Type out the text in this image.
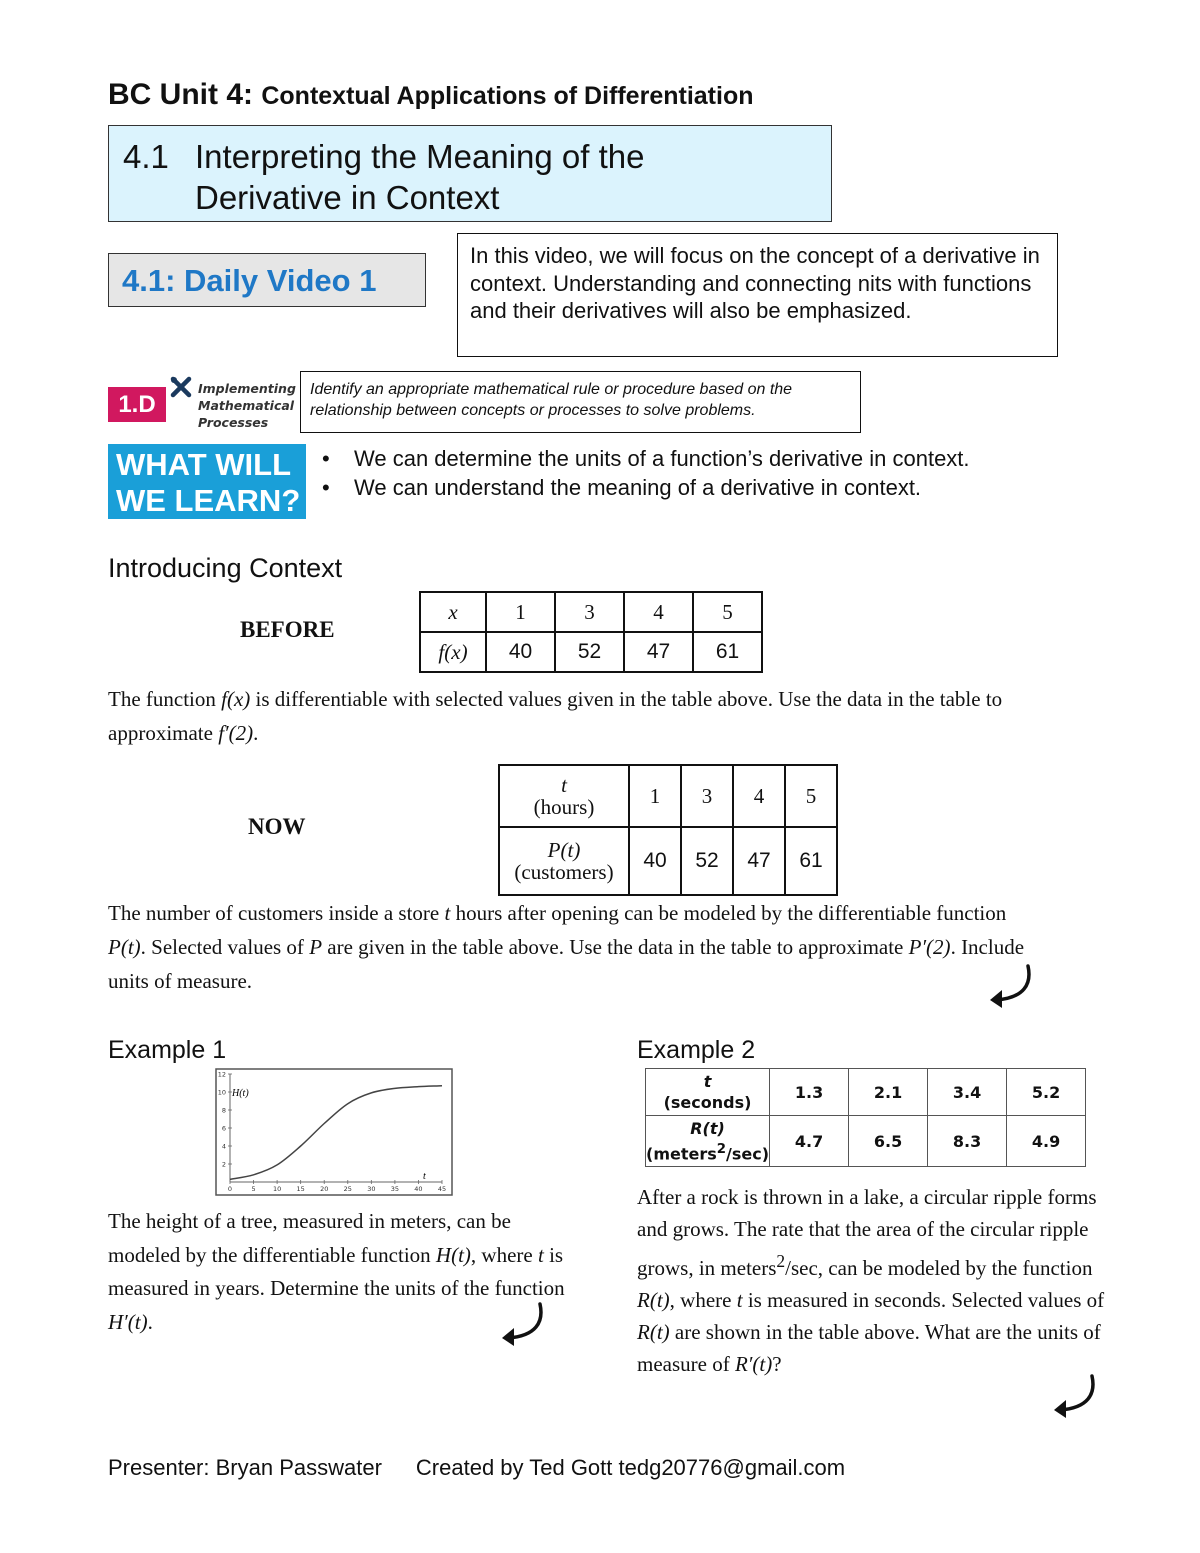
BC Unit 4: Contextual Applications of Differentiation
4.1 Interpreting the Meaning of the
Derivative in Context
4.1: Daily Video 1
In this video, we will focus on the concept of a derivative in context. Understanding and connecting nits with functions and their derivatives will also be emphasized.
1.D
Implementing
Mathematical
Processes
Identify an appropriate mathematical rule or procedure based on the relationship between concepts or processes to solve problems.
WHAT WILL
WE LEARN?
• We can determine the units of a function’s derivative in context.
• We can understand the meaning of a derivative in context.
Introducing Context
BEFORE
x	1	3	4	5
f(x)	40	52	47	61
The function f(x) is differentiable with selected values given in the table above. Use the data in the table to approximate f′(2).
NOW
t
(hours)	1	3	4	5

P(t)
(customers)	40	52	47	61
The number of customers inside a store t hours after opening can be modeled by the differentiable function P(t). Selected values of P are given in the table above. Use the data in the table to approximate P′(2). Include units of measure.
Example 1
2
4
6
8
10
12
0	5	10 15 20 25 30 35 40 45
H(t)
t
The height of a tree, measured in meters, can be modeled by the differentiable function H(t), where t is measured in years. Determine the units of the function H′(t).
Example 2
t
(seconds)	1.3	2.1	3.4	5.2

R(t)
(meters$^2$/sec)	4.7	6.5	8.3	4.9
After a rock is thrown in a lake, a circular ripple forms and grows. The rate that the area of the circular ripple grows, in meters$^2$/sec, can be modeled by the function R(t), where t is measured in seconds. Selected values of R(t) are shown in the table above. What are the units of measure of R′(t)?
Presenter: Bryan Passwater Created by Ted Gott tedg20776@gmail.com
